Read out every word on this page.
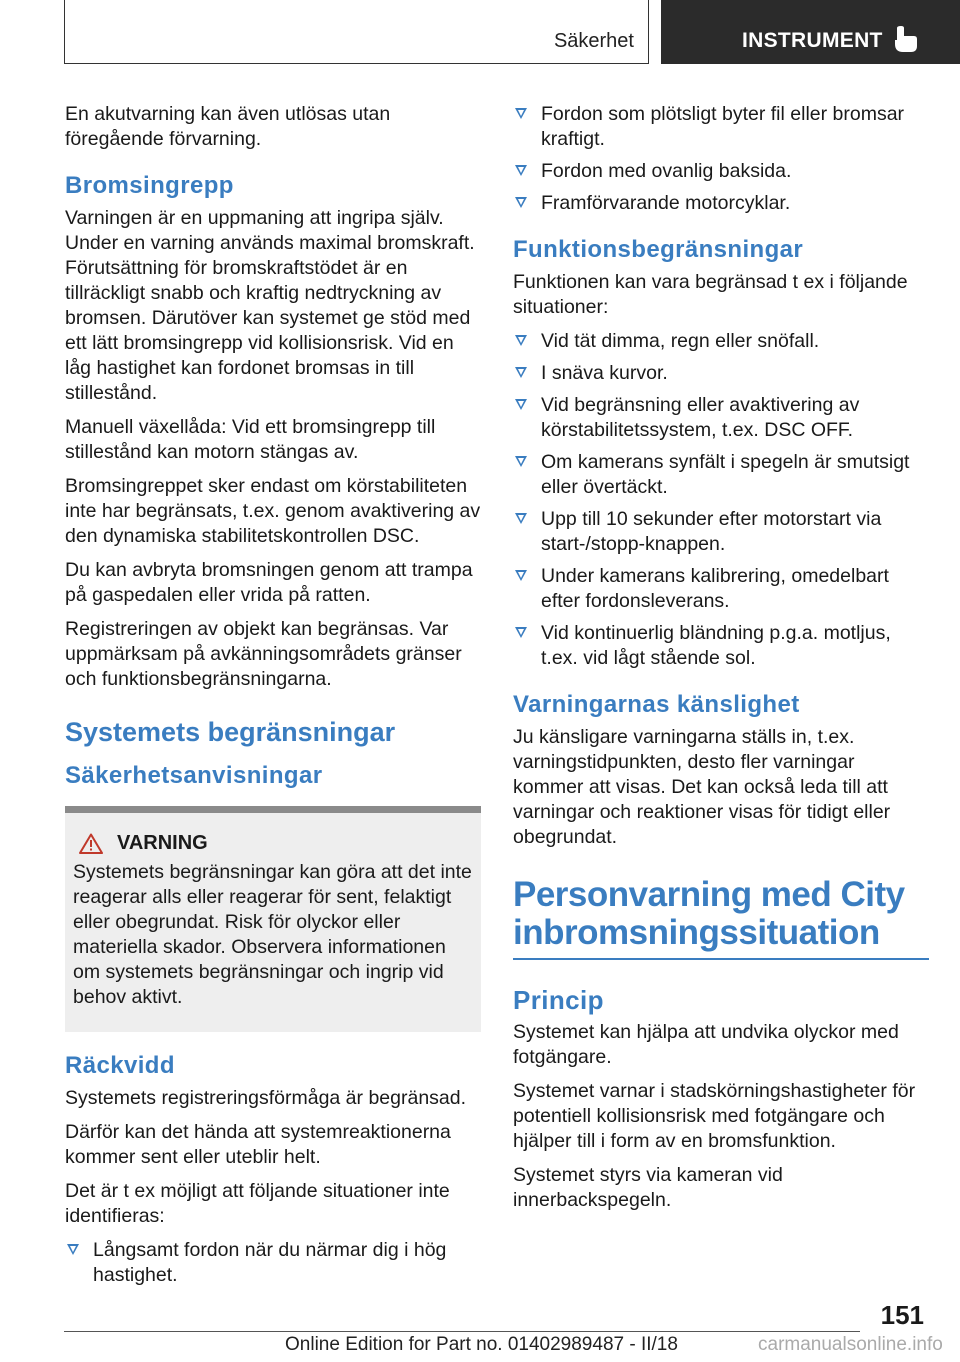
Säkerhet	INSTRUMENT

En akutvarning kan även utlösas utan föregående förvarning.

Bromsingrepp

Varningen är en uppmaning att ingripa själv. Under en varning används maximal bromskraft. Förutsättning för bromskraftstödet är en tillräckligt snabb och kraftig nedtryckning av bromsen. Därutöver kan systemet ge stöd med ett lätt bromsingrepp vid kollisionsrisk. Vid en låg hastighet kan fordonet bromsas in till stillestånd.

Manuell växellåda: Vid ett bromsingrepp till stillestånd kan motorn stängas av.

Bromsingreppet sker endast om körstabiliteten inte har begränsats, t.ex. genom avaktivering av den dynamiska stabilitetskontrollen DSC.

Du kan avbryta bromsningen genom att trampa på gaspedalen eller vrida på ratten.

Registreringen av objekt kan begränsas. Var uppmärksam på avkänningsområdets gränser och funktionsbegränsningarna.

Systemets begränsningar
Säkerhetsanvisningar
VARNING

Systemets begränsningar kan göra att det inte reagerar alls eller reagerar för sent, felaktigt eller obegrundat. Risk för olyckor eller materiella skador. Observera informationen om systemets begränsningar och ingrip vid behov aktivt.

Räckvidd

Systemets registreringsförmåga är begränsad.

Därför kan det hända att systemreaktionerna kommer sent eller uteblir helt.

Det är t ex möjligt att följande situationer inte identifieras:

Långsamt fordon när du närmar dig i hög hastighet.
Fordon som plötsligt byter fil eller bromsar kraftigt.
Fordon med ovanlig baksida.
Framförvarande motorcyklar.
Funktionsbegränsningar

Funktionen kan vara begränsad t ex i följande situationer:

Vid tät dimma, regn eller snöfall.
I snäva kurvor.
Vid begränsning eller avaktivering av körstabilitetssystem, t.ex. DSC OFF.
Om kamerans synfält i spegeln är smutsigt eller övertäckt.
Upp till 10 sekunder efter motorstart via start-/stopp-knappen.
Under kamerans kalibrering, omedelbart efter fordonsleverans.
Vid kontinuerlig bländning p.g.a. motljus, t.ex. vid lågt stående sol.
Varningarnas känslighet

Ju känsligare varningarna ställs in, t.ex. varningstidpunkten, desto fler varningar kommer att visas. Det kan också leda till att varningar och reaktioner visas för tidigt eller obegrundat.

Personvarning med City inbromsningssituation
Princip

Systemet kan hjälpa att undvika olyckor med fotgängare.

Systemet varnar i stadskörningshastigheter för potentiell kollisionsrisk med fotgängare och hjälper till i form av en bromsfunktion.

Systemet styrs via kameran vid innerbackspegeln.

151
Online Edition for Part no. 01402989487 - II/18	carmanualsonline.info
